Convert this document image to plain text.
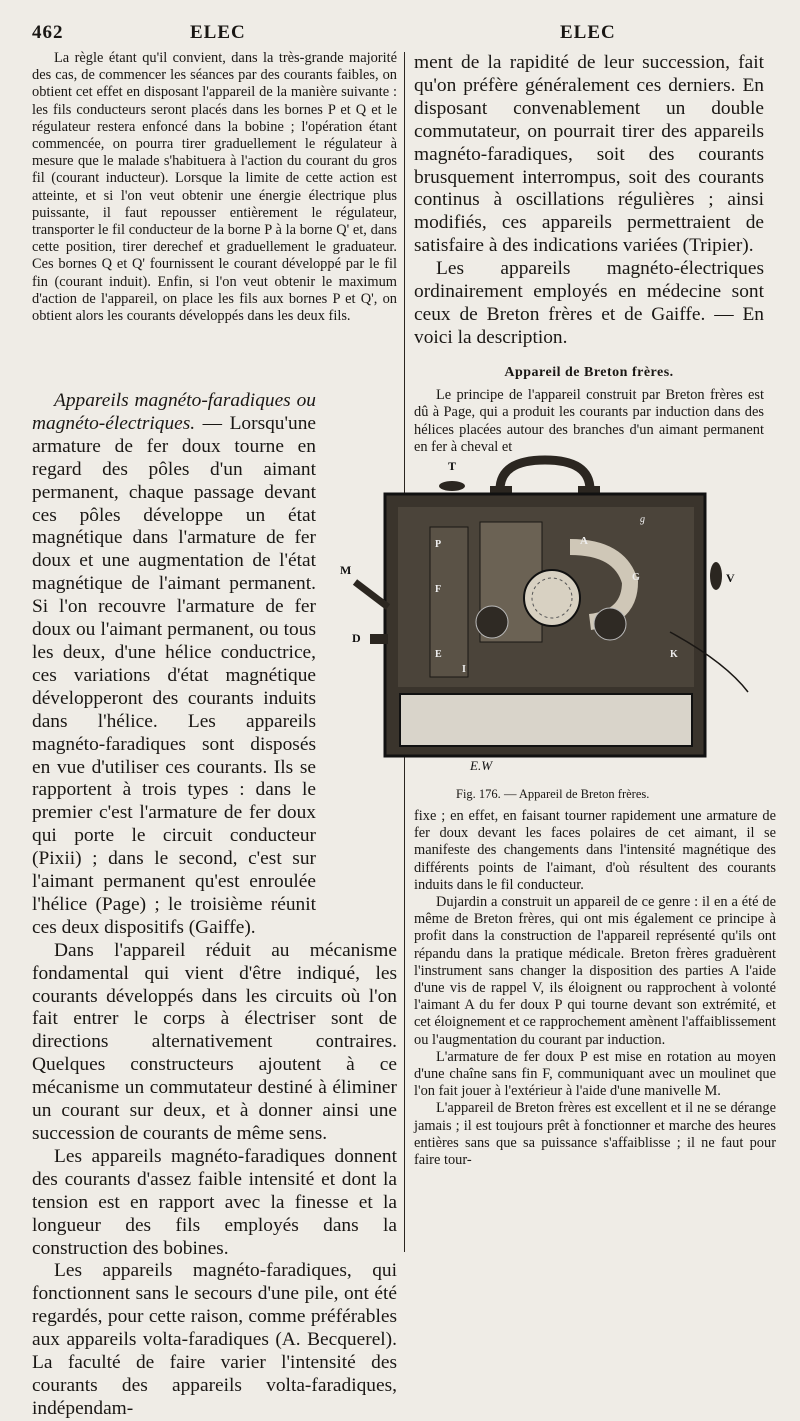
462	ELEC	ELEC

La règle étant qu'il convient, dans la très-grande majorité des cas, de commencer les séances par des courants faibles, on obtient cet effet en disposant l'appareil de la manière suivante : les fils conducteurs seront placés dans les bornes P et Q et le régulateur restera enfoncé dans la bobine ; l'opération étant commencée, on pourra tirer graduellement le régulateur à mesure que le malade s'habituera à l'action du courant du gros fil (courant inducteur). Lorsque la limite de cette action est atteinte, et si l'on veut obtenir une énergie électrique plus puissante, il faut repousser entièrement le régulateur, transporter le fil conducteur de la borne P à la borne Q' et, dans cette position, tirer derechef et graduellement le graduateur. Ces bornes Q et Q' fournissent le courant développé par le fil fin (courant induit). Enfin, si l'on veut obtenir le maximum d'action de l'appareil, on place les fils aux bornes P et Q', on obtient alors les courants développés dans les deux fils.

Appareils magnéto-faradiques ou magnéto-électriques. — Lorsqu'une armature de fer doux tourne en regard des pôles d'un aimant permanent, chaque passage devant ces pôles développe un état magnétique dans l'armature de fer doux et une augmentation de l'état magnétique de l'aimant permanent. Si l'on recouvre l'armature de fer doux ou l'aimant permanent, ou tous les deux, d'une hélice conductrice, ces variations d'état magnétique développeront des courants induits dans l'hélice. Les appareils magnéto-faradiques sont disposés en vue d'utiliser ces courants. Ils se rapportent à trois types : dans le premier c'est l'armature de fer doux qui porte le circuit conducteur (Pixii) ; dans le second, c'est sur l'aimant permanent qu'est enroulée l'hélice (Page) ; le troisième réunit ces deux dispositifs (Gaiffe).

Dans l'appareil réduit au mécanisme fondamental qui vient d'être indiqué, les courants développés dans les circuits où l'on fait entrer le corps à électriser sont de directions alternativement contraires. Quelques constructeurs ajoutent à ce mécanisme un commutateur destiné à éliminer un courant sur deux, et à donner ainsi une succession de courants de même sens.

Les appareils magnéto-faradiques donnent des courants d'assez faible intensité et dont la tension est en rapport avec la finesse et la longueur des fils employés dans la construction des bobines.

Les appareils magnéto-faradiques, qui fonctionnent sans le secours d'une pile, ont été regardés, pour cette raison, comme préférables aux appareils volta-faradiques (A. Becquerel). La faculté de faire varier l'intensité des courants des appareils volta-faradiques, indépendam-

ment de la rapidité de leur succession, fait qu'on préfère généralement ces derniers. En disposant convenablement un double commutateur, on pourrait tirer des appareils magnéto-faradiques, soit des courants brusquement interrompus, soit des courants continus à oscillations régulières ; ainsi modifiés, ces appareils permettraient de satisfaire à des indications variées (Tripier).

Les appareils magnéto-électriques ordinairement employés en médecine sont ceux de Breton frères et de Gaiffe. — En voici la description.

Appareil de Breton frères.

Le principe de l'appareil construit par Breton frères est dû à Page, qui a produit les courants par induction dans des hélices placées autour des branches d'un aimant permanent en fer à cheval et

T
M
D
V
A
P
F
E
I
K
G
g
E.W
Fig. 176. — Appareil de Breton frères.

fixe ; en effet, en faisant tourner rapidement une armature de fer doux devant les faces polaires de cet aimant, il se manifeste des changements dans l'intensité magnétique des différents points de l'aimant, d'où résultent des courants induits dans le fil conducteur.

Dujardin a construit un appareil de ce genre : il en a été de même de Breton frères, qui ont mis également ce principe à profit dans la construction de l'appareil représenté qu'ils ont répandu dans la pratique médicale. Breton frères graduèrent l'instrument sans changer la disposition des parties A l'aide d'une vis de rappel V, ils éloignent ou rapprochent à volonté l'aimant A du fer doux P qui tourne devant son extrémité, et cet éloignement et ce rapprochement amènent l'affaiblissement ou l'augmentation du courant par induction.

L'armature de fer doux P est mise en rotation au moyen d'une chaîne sans fin F, communiquant avec un moulinet que l'on fait jouer à l'extérieur à l'aide d'une manivelle M.

L'appareil de Breton frères est excellent et il ne se dérange jamais ; il est toujours prêt à fonctionner et marche des heures entières sans que sa puissance s'affaiblisse ; il ne faut pour faire tour-
